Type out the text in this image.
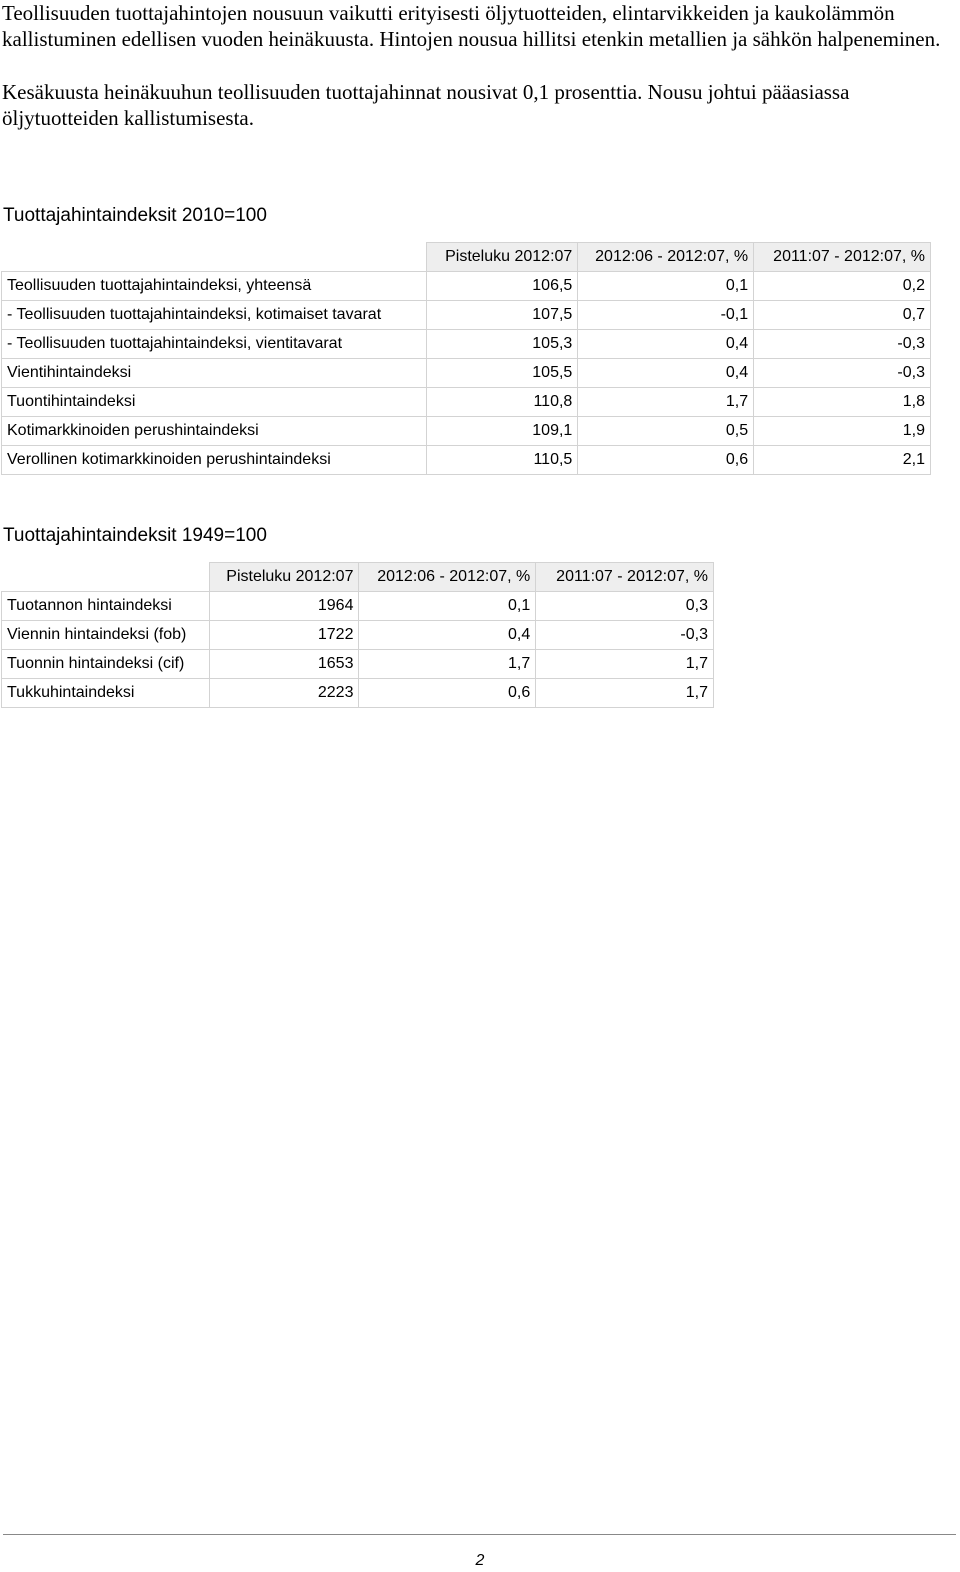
Teollisuuden tuottajahintojen nousuun vaikutti erityisesti öljytuotteiden, elintarvikkeiden ja kaukolämmön kallistuminen edellisen vuoden heinäkuusta. Hintojen nousua hillitsi etenkin metallien ja sähkön halpeneminen.

Kesäkuusta heinäkuuhun teollisuuden tuottajahinnat nousivat 0,1 prosenttia. Nousu johtui pääasiassa öljytuotteiden kallistumisesta.

Tuottajahintaindeksit 2010=100
	Pisteluku 2012:07	2012:06 - 2012:07, %	2011:07 - 2012:07, %
Teollisuuden tuottajahintaindeksi, yhteensä	106,5	0,1	0,2
- Teollisuuden tuottajahintaindeksi, kotimaiset tavarat	107,5	-0,1	0,7
- Teollisuuden tuottajahintaindeksi, vientitavarat	105,3	0,4	-0,3
Vientihintaindeksi	105,5	0,4	-0,3
Tuontihintaindeksi	110,8	1,7	1,8
Kotimarkkinoiden perushintaindeksi	109,1	0,5	1,9
Verollinen kotimarkkinoiden perushintaindeksi	110,5	0,6	2,1
Tuottajahintaindeksit 1949=100
	Pisteluku 2012:07	2012:06 - 2012:07, %	2011:07 - 2012:07, %
Tuotannon hintaindeksi	1964	0,1	0,3
Viennin hintaindeksi (fob)	1722	0,4	-0,3
Tuonnin hintaindeksi (cif)	1653	1,7	1,7
Tukkuhintaindeksi	2223	0,6	1,7
2
